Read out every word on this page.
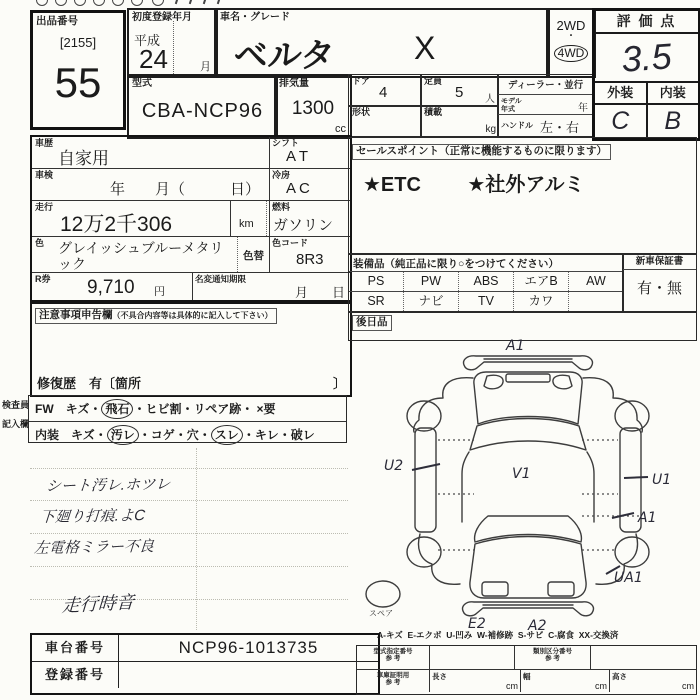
出品番号
[2155]
55
初度登録年月
平成
24	月
車名・グレード
ベルタ X
2WD
・
4WD
型式
CBA-NCP96
排気量
1300
cc
ドア
4
定員
5 人
形状	積載
kg
ディーラー・並行
モデル
年式	年
ハンドル 左・右
評 価 点
3.5
外装	内装
C	B
車歴
自家用
シフト
AT
車検
年　　月（　　　日）
冷房
AC
走行
12万2千306	km
燃料
ガソリン
色 グレイッシュブルーメタリ
ック
色替
色コード
8R3
R券 9,710 円
名変通知期限
月 日
注意事項申告欄（不具合内容等は具体的に記入して下さい）
修復歴　有〔箇所	〕
検査員
記入欄
FW　キズ・ 飛石 ・ヒビ割・リペア跡・ ×要
内装　キズ・ 汚レ ・コゲ・穴・ スレ ・キレ・破レ
セールスポイント（正常に機能するものに限ります）
★ETC ★社外アルミ
装備品（純正品に限り○をつけてください）
PS	PW	ABS	エアB	AW
SR	ナビ	TV	カワ
新車保証書
有・無
後日品
シート汚レ.ホツレ
下廻り打痕.よC
左電格ミラー不良
走行時音
A1
U2	V1	U1
A1
UA1
E2	A2
スペア
A-キズ  E-エクボ  U-凹み  W-補修跡  S-サビ  C-腐食  XX-交換済
車台番号	NCP96-1013735
登録番号
型式指定番号
参 考
類別区分番号
参 考
車庫証明用
参 考
長さ
cm
幅
cm
高さ
cm
